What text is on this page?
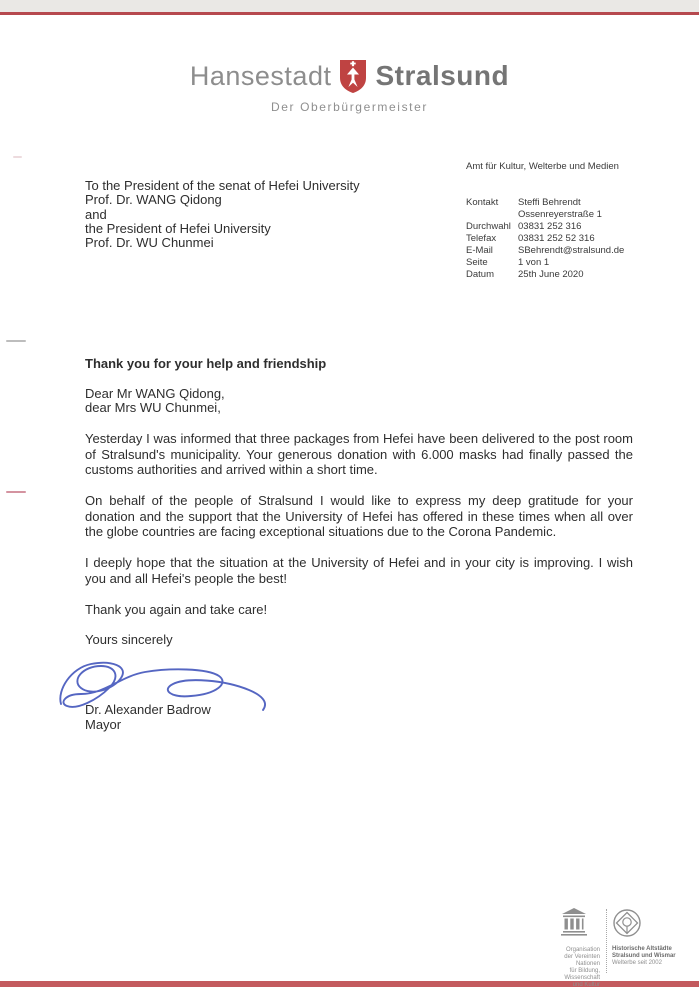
Hansestadt Stralsund
Der Oberbürgermeister
Amt für Kultur, Welterbe und Medien
Kontakt	Steffi Behrendt
Ossenreyerstraße 1
Durchwahl 03831 252 316
Telefax	03831 252 52 316
E-Mail	SBehrendt@stralsund.de
Seite	1 von 1
Datum	25th June 2020
To the President of the senat of Hefei University
Prof. Dr. WANG Qidong
and
the President of Hefei University
Prof. Dr. WU Chunmei

Thank you for your help and friendship

Dear Mr WANG Qidong,
dear Mrs WU Chunmei,

Yesterday I was informed that three packages from Hefei have been delivered to the post room of Stralsund's municipality. Your generous donation with 6.000 masks had finally passed the customs authorities and arrived within a short time.

On behalf of the people of Stralsund I would like to express my deep gratitude for your donation and the support that the University of Hefei has offered in these times when all over the globe countries are facing exceptional situations due to the Corona Pandemic.

I deeply hope that the situation at the University of Hefei and in your city is improving. I wish you and all Hefei's people the best!

Thank you again and take care!

Yours sincerely

Dr. Alexander Badrow
Mayor
Organisation
der Vereinten Nationen
für Bildung, Wissenschaft
und Kultur
Historische Altstädte
Stralsund und Wismar
Welterbe seit 2002
